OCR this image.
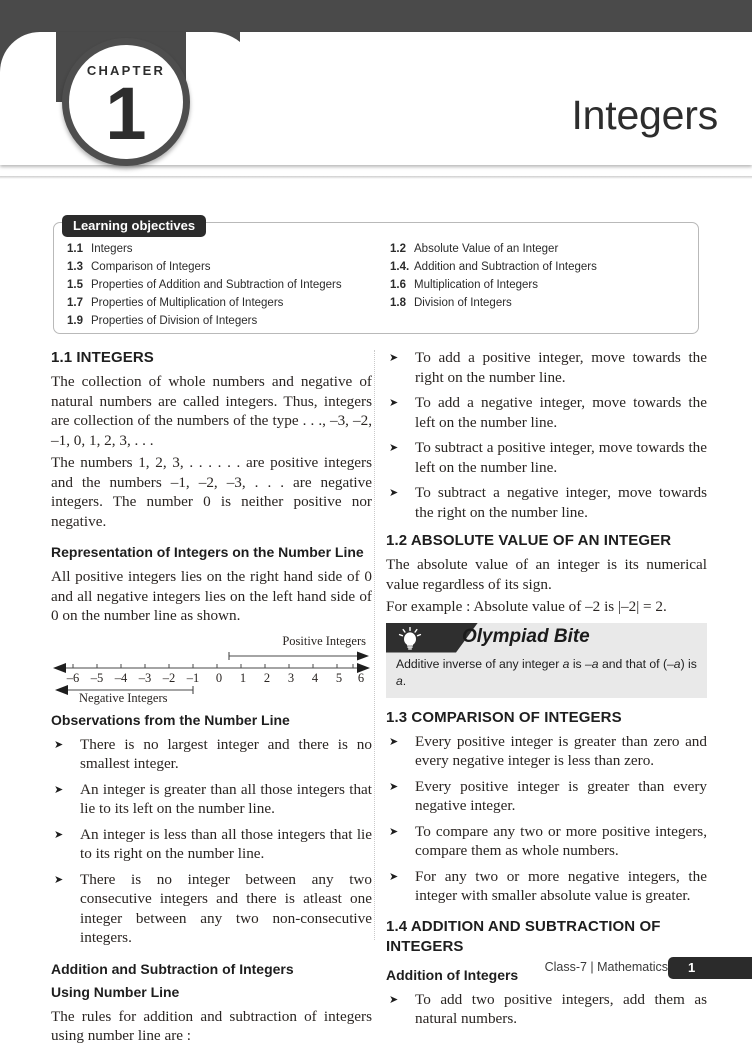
CHAPTER
1	Integers
Learning objectives
1.1 Integers
1.3 Comparison of Integers
1.5 Properties of Addition and Subtraction of Integers
1.7 Properties of Multiplication of Integers
1.9 Properties of Division of Integers
1.2 Absolute Value of an Integer
1.4. Addition and Subtraction of Integers
1.6 Multiplication of Integers
1.8 Division of Integers
1.1 INTEGERS

The collection of whole numbers and negative of natural numbers are called integers. Thus, integers are collection of the numbers of the type . . ., –3, –2, –1, 0, 1, 2, 3, . . .

The numbers 1, 2, 3, . . . . . . are positive integers and the numbers –1, –2, –3, . . . are negative integers. The number 0 is neither positive nor negative.

Representation of Integers on the Number Line

All positive integers lies on the right hand side of 0 and all negative integers lies on the left hand side of 0 on the number line as shown.

Positive Integers
Negative Integers
–6 –5 –4 –3 –2 –1 0 1 2 3 4 5 6
Observations from the Number Line
➤ There is no largest integer and there is no smallest integer.
➤ An integer is greater than all those integers that lie to its left on the number line.
➤ An integer is less than all those integers that lie to its right on the number line.
➤ There is no integer between any two consecutive integers and there is atleast one integer between any two non-consecutive integers.
Addition and Subtraction of Integers
Using Number Line

The rules for addition and subtraction of integers using number line are :

➤ To add a positive integer, move towards the right on the number line.
➤ To add a negative integer, move towards the left on the number line.
➤ To subtract a positive integer, move towards the left on the number line.
➤ To subtract a negative integer, move towards the right on the number line.
1.2 ABSOLUTE VALUE OF AN INTEGER

The absolute value of an integer is its numerical value regardless of its sign.

For example : Absolute value of –2 is |–2| = 2.

Olympiad Bite
Additive inverse of any integer a is –a and that of (–a) is a.
1.3 COMPARISON OF INTEGERS
➤ Every positive integer is greater than zero and every negative integer is less than zero.
➤ Every positive integer is greater than every negative integer.
➤ To compare any two or more positive integers, compare them as whole numbers.
➤ For any two or more negative integers, the integer with smaller absolute value is greater.
1.4 ADDITION AND SUBTRACTION OF INTEGERS
Addition of Integers
➤ To add two positive integers, add them as natural numbers.
Class-7 | Mathematics 1
